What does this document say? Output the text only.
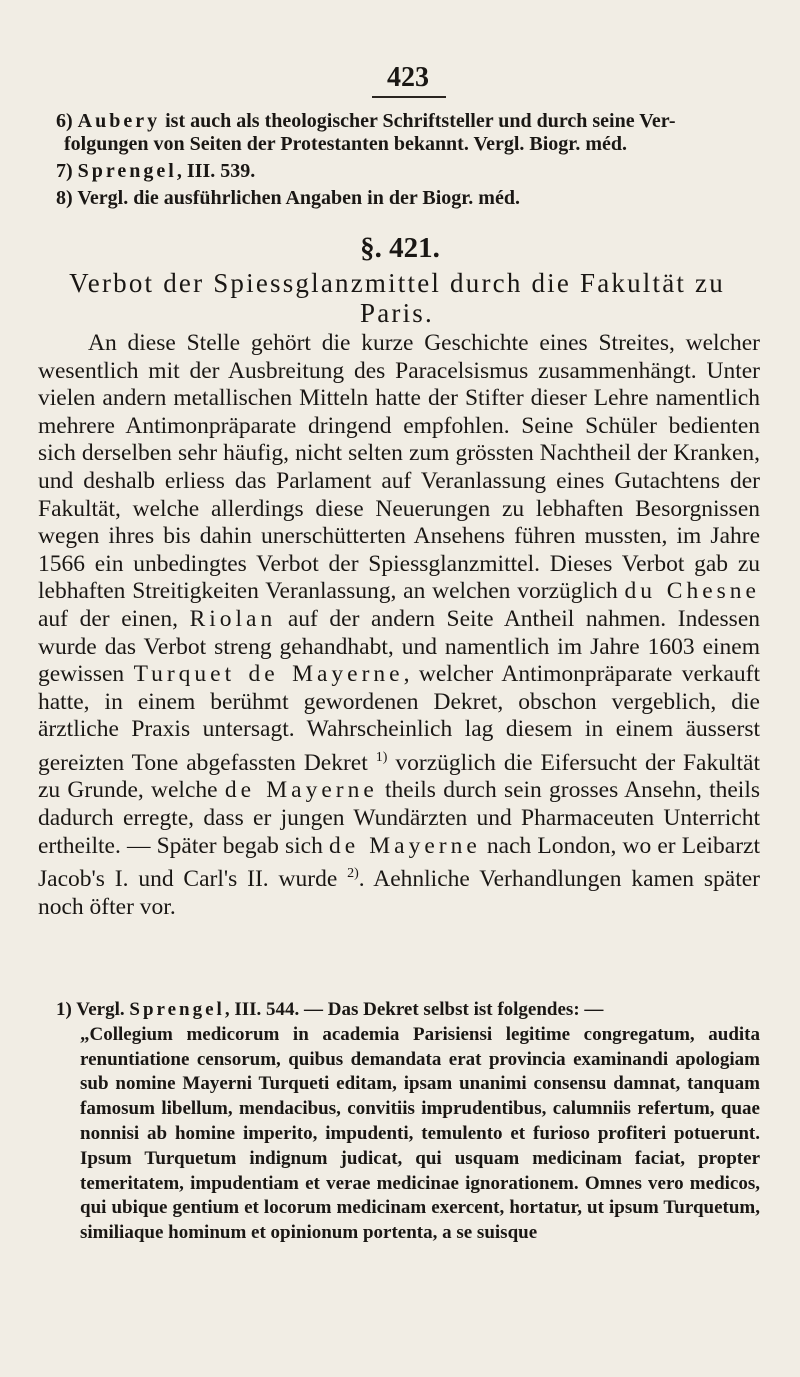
423
6) Aubery ist auch als theologischer Schriftsteller und durch seine Ver-
folgungen von Seiten der Protestanten bekannt. Vergl. Biogr. méd.
7) Sprengel, III. 539.
8) Vergl. die ausführlichen Angaben in der Biogr. méd.
§. 421.
Verbot der Spiessglanzmittel durch die Fakultät zu Paris.
An diese Stelle gehört die kurze Geschichte eines Streites, welcher wesentlich mit der Ausbreitung des Paracelsismus zusammenhängt. Unter vielen andern metallischen Mitteln hatte der Stifter dieser Lehre namentlich mehrere Antimonpräparate dringend empfohlen. Seine Schüler bedienten sich derselben sehr häufig, nicht selten zum grössten Nachtheil der Kranken, und deshalb erliess das Parlament auf Veranlassung eines Gutachtens der Fakultät, welche allerdings diese Neuerungen zu lebhaften Besorgnissen wegen ihres bis dahin unerschütterten Ansehens führen mussten, im Jahre 1566 ein unbedingtes Verbot der Spiessglanzmittel. Dieses Verbot gab zu lebhaften Streitigkeiten Veranlassung, an welchen vorzüglich du Chesne auf der einen, Riolan auf der andern Seite Antheil nahmen. Indessen wurde das Verbot streng gehandhabt, und namentlich im Jahre 1603 einem gewissen Turquet de Mayerne, welcher Antimonpräparate verkauft hatte, in einem berühmt gewordenen Dekret, obschon vergeblich, die ärztliche Praxis untersagt. Wahrscheinlich lag diesem in einem äusserst gereizten Tone abgefassten Dekret $^{1)}$ vorzüglich die Eifersucht der Fakultät zu Grunde, welche de Mayerne theils durch sein grosses Ansehn, theils dadurch erregte, dass er jungen Wundärzten und Pharmaceuten Unterricht ertheilte. — Später begab sich de Mayerne nach London, wo er Leibarzt Jacob's I. und Carl's II. wurde $^{2)}$. Aehnliche Verhandlungen kamen später noch öfter vor.
1) Vergl. Sprengel, III. 544. — Das Dekret selbst ist folgendes: —
„Collegium medicorum in academia Parisiensi legitime congregatum, audita renuntiatione censorum, quibus demandata erat provincia examinandi apologiam sub nomine Mayerni Turqueti editam, ipsam unanimi consensu damnat, tanquam famosum libellum, mendacibus, convitiis imprudentibus, calumniis refertum, quae nonnisi ab homine imperito, impudenti, temulento et furioso profiteri potuerunt. Ipsum Turquetum indignum judicat, qui usquam medicinam faciat, propter temeritatem, impudentiam et verae medicinae ignorationem. Omnes vero medicos, qui ubique gentium et locorum medicinam exercent, hortatur, ut ipsum Turquetum, similiaque hominum et opinionum portenta, a se suisque
